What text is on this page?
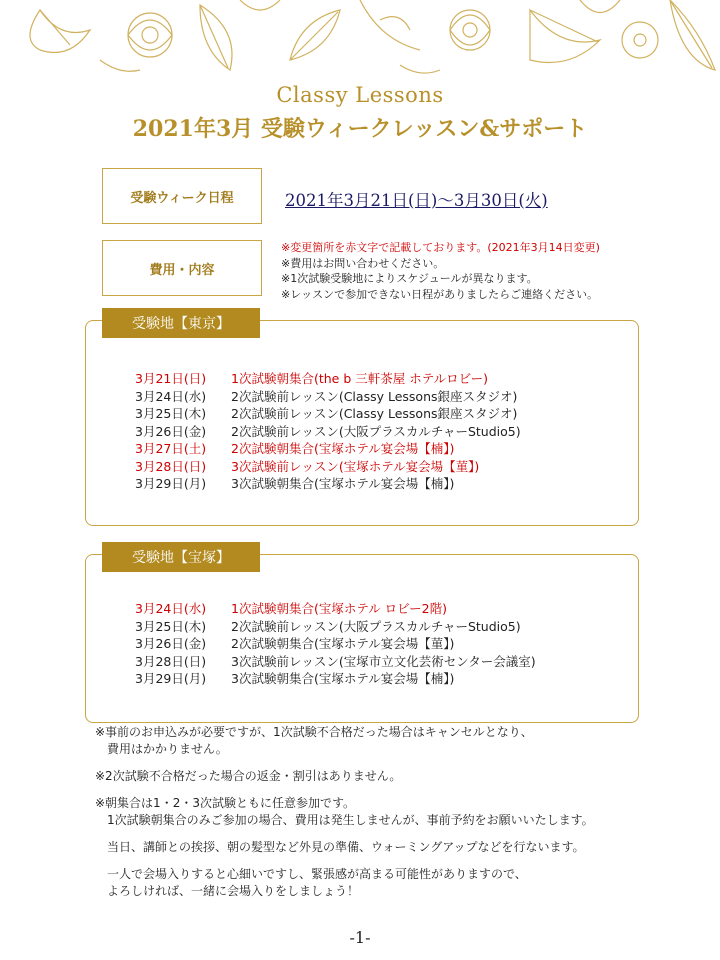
Classy Lessons
2021年3月 受験ウィークレッスン&サポート
受験ウィーク日程	2021年3月21日(日)〜3月30日(火)
費用・内容
※変更箇所を赤文字で記載しております。(2021年3月14日変更)
※費用はお問い合わせください。
※1次試験受験地によりスケジュールが異なります。
※レッスンで参加できない日程がありましたらご連絡ください。
受験地【東京】
3月21日(日)	1次試験朝集合(the b 三軒茶屋 ホテルロビー)
3月24日(水)	2次試験前レッスン(Classy Lessons銀座スタジオ)
3月25日(木)	2次試験前レッスン(Classy Lessons銀座スタジオ)
3月26日(金)	2次試験前レッスン(大阪プラスカルチャーStudio5)
3月27日(土)	2次試験朝集合(宝塚ホテル宴会場【楠】)
3月28日(日)	3次試験前レッスン(宝塚ホテル宴会場【菫】)
3月29日(月)	3次試験朝集合(宝塚ホテル宴会場【楠】)
受験地【宝塚】
3月24日(水)	1次試験朝集合(宝塚ホテル ロビー2階)
3月25日(木)	2次試験前レッスン(大阪プラスカルチャーStudio5)
3月26日(金)	2次試験朝集合(宝塚ホテル宴会場【菫】)
3月28日(日)	3次試験前レッスン(宝塚市立文化芸術センター会議室)
3月29日(月)	3次試験朝集合(宝塚ホテル宴会場【楠】)

※事前のお申込みが必要ですが、1次試験不合格だった場合はキャンセルとなり、
費用はかかりません。

※2次試験不合格だった場合の返金・割引はありません。

※朝集合は1・2・3次試験ともに任意参加です。
1次試験朝集合のみご参加の場合、費用は発生しませんが、事前予約をお願いいたします。

当日、講師との挨拶、朝の髪型など外見の準備、ウォーミングアップなどを行ないます。

一人で会場入りすると心細いですし、緊張感が高まる可能性がありますので、
よろしければ、一緒に会場入りをしましょう！

-1-
